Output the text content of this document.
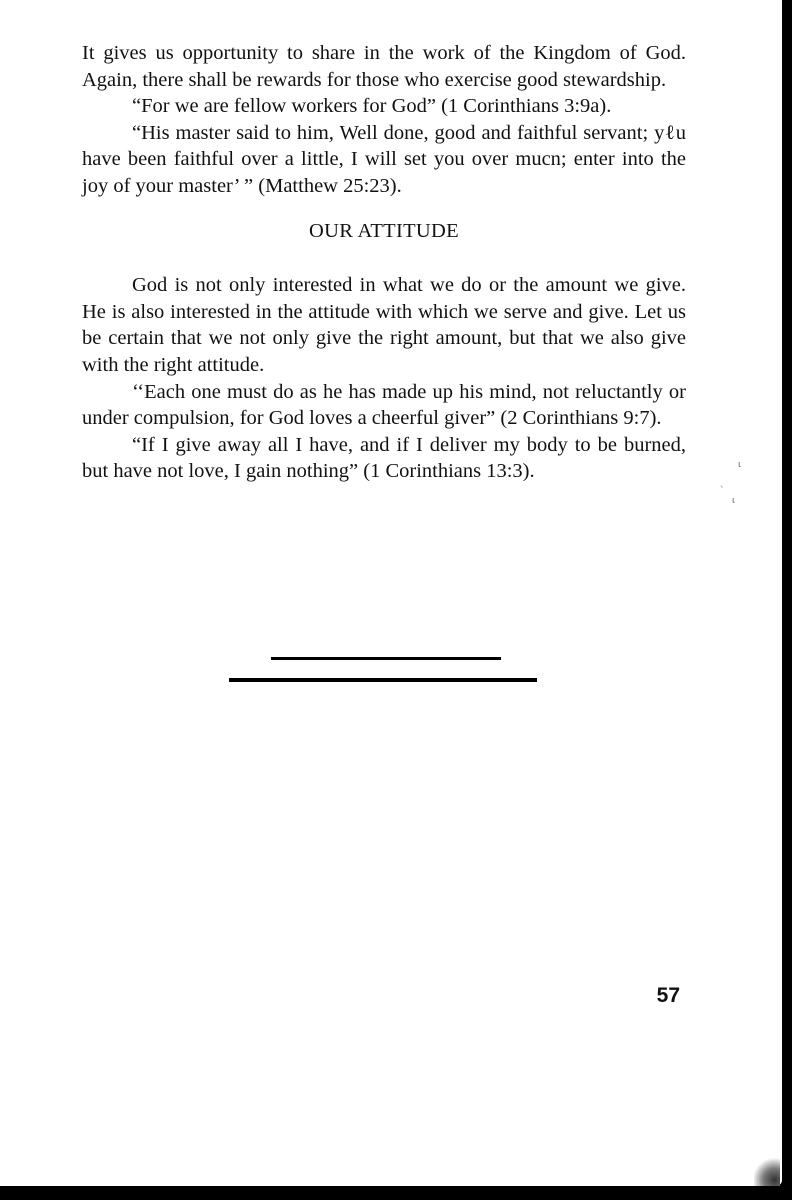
It gives us opportunity to share in the work of the Kingdom of God. Again, there shall be rewards for those who exercise good stewardship.

“For we are fellow workers for God” (1 Corinthians 3:9a).

“His master said to him, Well done, good and faithful servant; yℓu have been faithful over a little, I will set you over mucn; enter into the joy of your master’ ” (Matthew 25:23).

OUR ATTITUDE

God is not only interested in what we do or the amount we give. He is also interested in the attitude with which we serve and give. Let us be certain that we not only give the right amount, but that we also give with the right attitude.

‘‘Each one must do as he has made up his mind, not reluctantly or under compulsion, for God loves a cheerful giver” (2 Corinthians 9:7).

“If I give away all I have, and if I deliver my body to be burned, but have not love, I gain nothing” (1 Corinthians 13:3).

57
ι
ˋ
ι
